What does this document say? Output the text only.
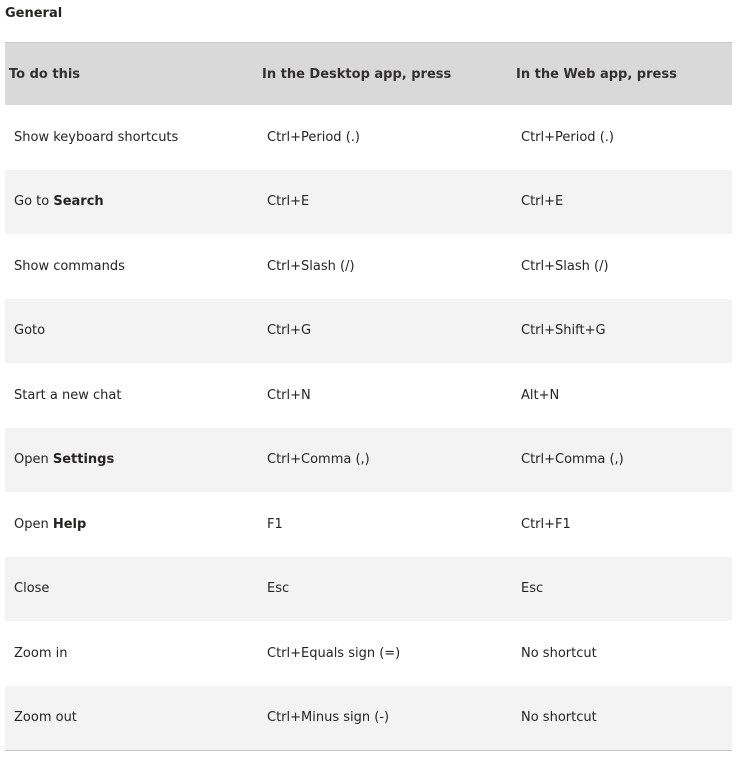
General
To do this	In the Desktop app, press	In the Web app, press
Show keyboard shortcuts	Ctrl+Period (.)	Ctrl+Period (.)
Go to Search	Ctrl+E	Ctrl+E
Show commands	Ctrl+Slash (/)	Ctrl+Slash (/)
Goto	Ctrl+G	Ctrl+Shift+G
Start a new chat	Ctrl+N	Alt+N
Open Settings	Ctrl+Comma (,)	Ctrl+Comma (,)
Open Help	F1	Ctrl+F1
Close	Esc	Esc
Zoom in	Ctrl+Equals sign (=)	No shortcut
Zoom out	Ctrl+Minus sign (-)	No shortcut
